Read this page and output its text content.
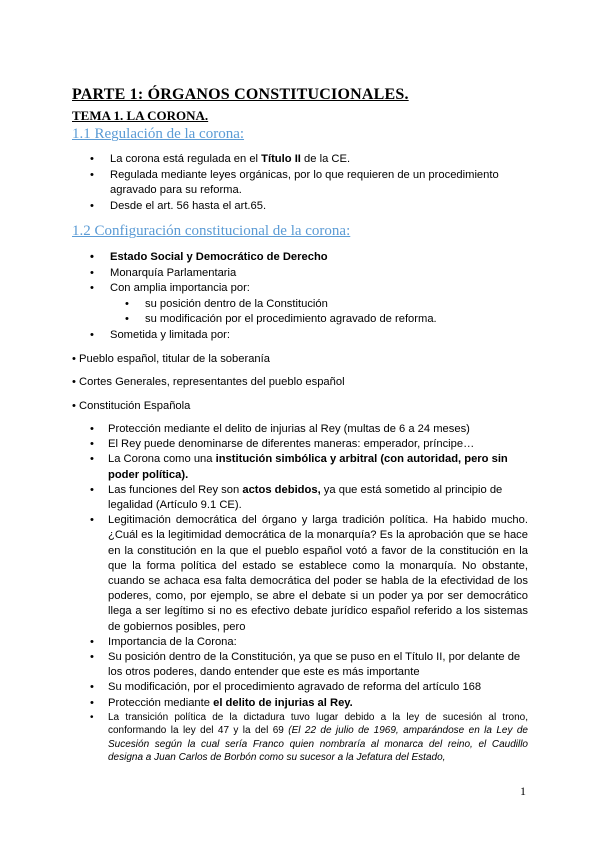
PARTE 1: ÓRGANOS CONSTITUCIONALES.
TEMA 1. LA CORONA.
1.1 Regulación de la corona:
• La corona está regulada en el Título II de la CE.
• Regulada mediante leyes orgánicas, por lo que requieren de un procedimiento agravado para su reforma.
• Desde el art. 56 hasta el art.65.
1.2 Configuración constitucional de la corona:
• Estado Social y Democrático de Derecho
• Monarquía Parlamentaria
• Con amplia importancia por:
• su posición dentro de la Constitución
• su modificación por el procedimiento agravado de reforma.
• Sometida y limitada por:
• Pueblo español, titular de la soberanía
• Cortes Generales, representantes del pueblo español
• Constitución Española
• Protección mediante el delito de injurias al Rey (multas de 6 a 24 meses)
• El Rey puede denominarse de diferentes maneras: emperador, príncipe…
• La Corona como una institución simbólica y arbitral (con autoridad, pero sin poder política).
• Las funciones del Rey son actos debidos, ya que está sometido al principio de legalidad (Artículo 9.1 CE).
• Legitimación democrática del órgano y larga tradición política. Ha habido mucho. ¿Cuál es la legitimidad democrática de la monarquía? Es la aprobación que se hace en la constitución en la que el pueblo español votó a favor de la constitución en la que la forma política del estado se establece como la monarquía. No obstante, cuando se achaca esa falta democrática del poder se habla de la efectividad de los poderes, como, por ejemplo, se abre el debate si un poder ya por ser democrático llega a ser legítimo si no es efectivo debate jurídico español referido a los sistemas de gobiernos posibles, pero
• Importancia de la Corona:
• Su posición dentro de la Constitución, ya que se puso en el Título II, por delante de los otros poderes, dando entender que este es más importante
• Su modificación, por el procedimiento agravado de reforma del artículo 168
• Protección mediante el delito de injurias al Rey.
• La transición política de la dictadura tuvo lugar debido a la ley de sucesión al trono, conformando la ley del 47 y la del 69 (El 22 de julio de 1969, amparándose en la Ley de Sucesión según la cual sería Franco quien nombraría al monarca del reino, el Caudillo designa a Juan Carlos de Borbón como su sucesor a la Jefatura del Estado,
1
